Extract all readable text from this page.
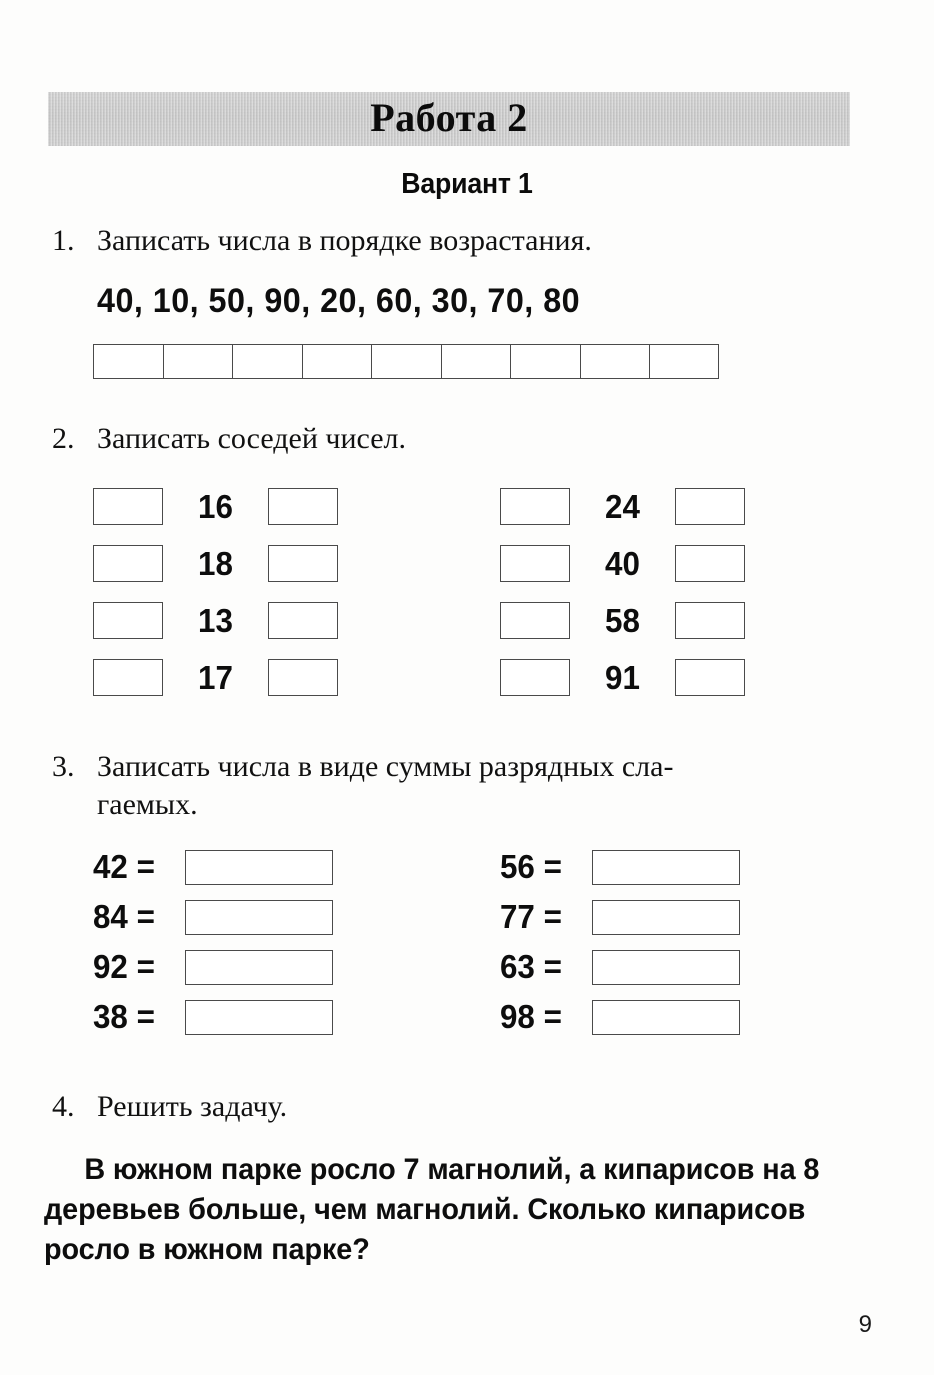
Работа 2
Вариант 1
1. Записать числа в порядке возрастания.
40, 10, 50, 90, 20, 60, 30, 70, 80
2. Записать соседей чисел.
16
18
13
17
24
40
58
91
3. Записать числа в виде суммы разрядных сла-
гаемых.
42 =
84 =
92 =
38 =
56 =
77 =
63 =
98 =
4. Решить задачу.
В южном парке росло 7 магнолий, а кипарисов на 8 деревьев больше, чем магнолий. Сколько кипарисов росло в южном парке?
9
